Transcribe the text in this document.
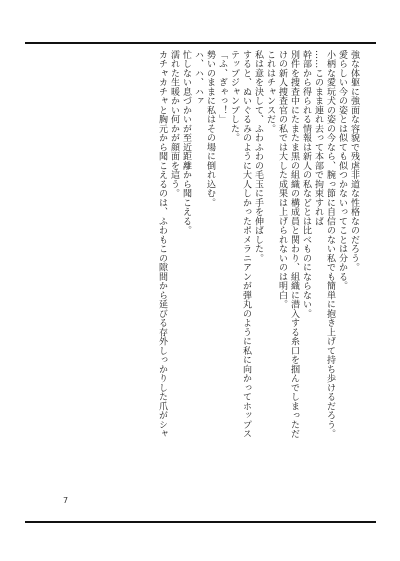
強な体躯に強面な容貌で残虐非道な性格なのだろう。
愛らしい今の姿とは似ても似つかないってことは分かる。
小柄な愛玩犬の姿の今なら、腕っ節に自信のない私でも簡単に抱き上げて持ち歩けるだろう。
……このまま連れ去って本部で拘束すれば
幹部から得られる情報は新人の私などとは比べものにならない。
別件を捜査中にたまたま黒の組織の構成員と関わり、組織に潜入する糸口を掴んでしまっただ
けの新人捜査官の私では大した成果は上げられないのは明白。
これはチャンスだ。
私は意を決して、ふわふわの毛玉に手を伸ばした。
すると、ぬいぐるみのように大人しかったポメラニアンが弾丸のように私に向かってホップス
テップジャンプした。
「ふ、ぎゃっ！」
勢いのままに私はその場に倒れ込む。
ハ、ハ、ハァ
忙しない息づかいが至近距離から聞こえる。
濡れた生暖かい何かが顔面を這う。
カチャカチャと胸元から聞こえるのは、ふわもこの隙間から延びる存外しっかりした爪がシャ
7
